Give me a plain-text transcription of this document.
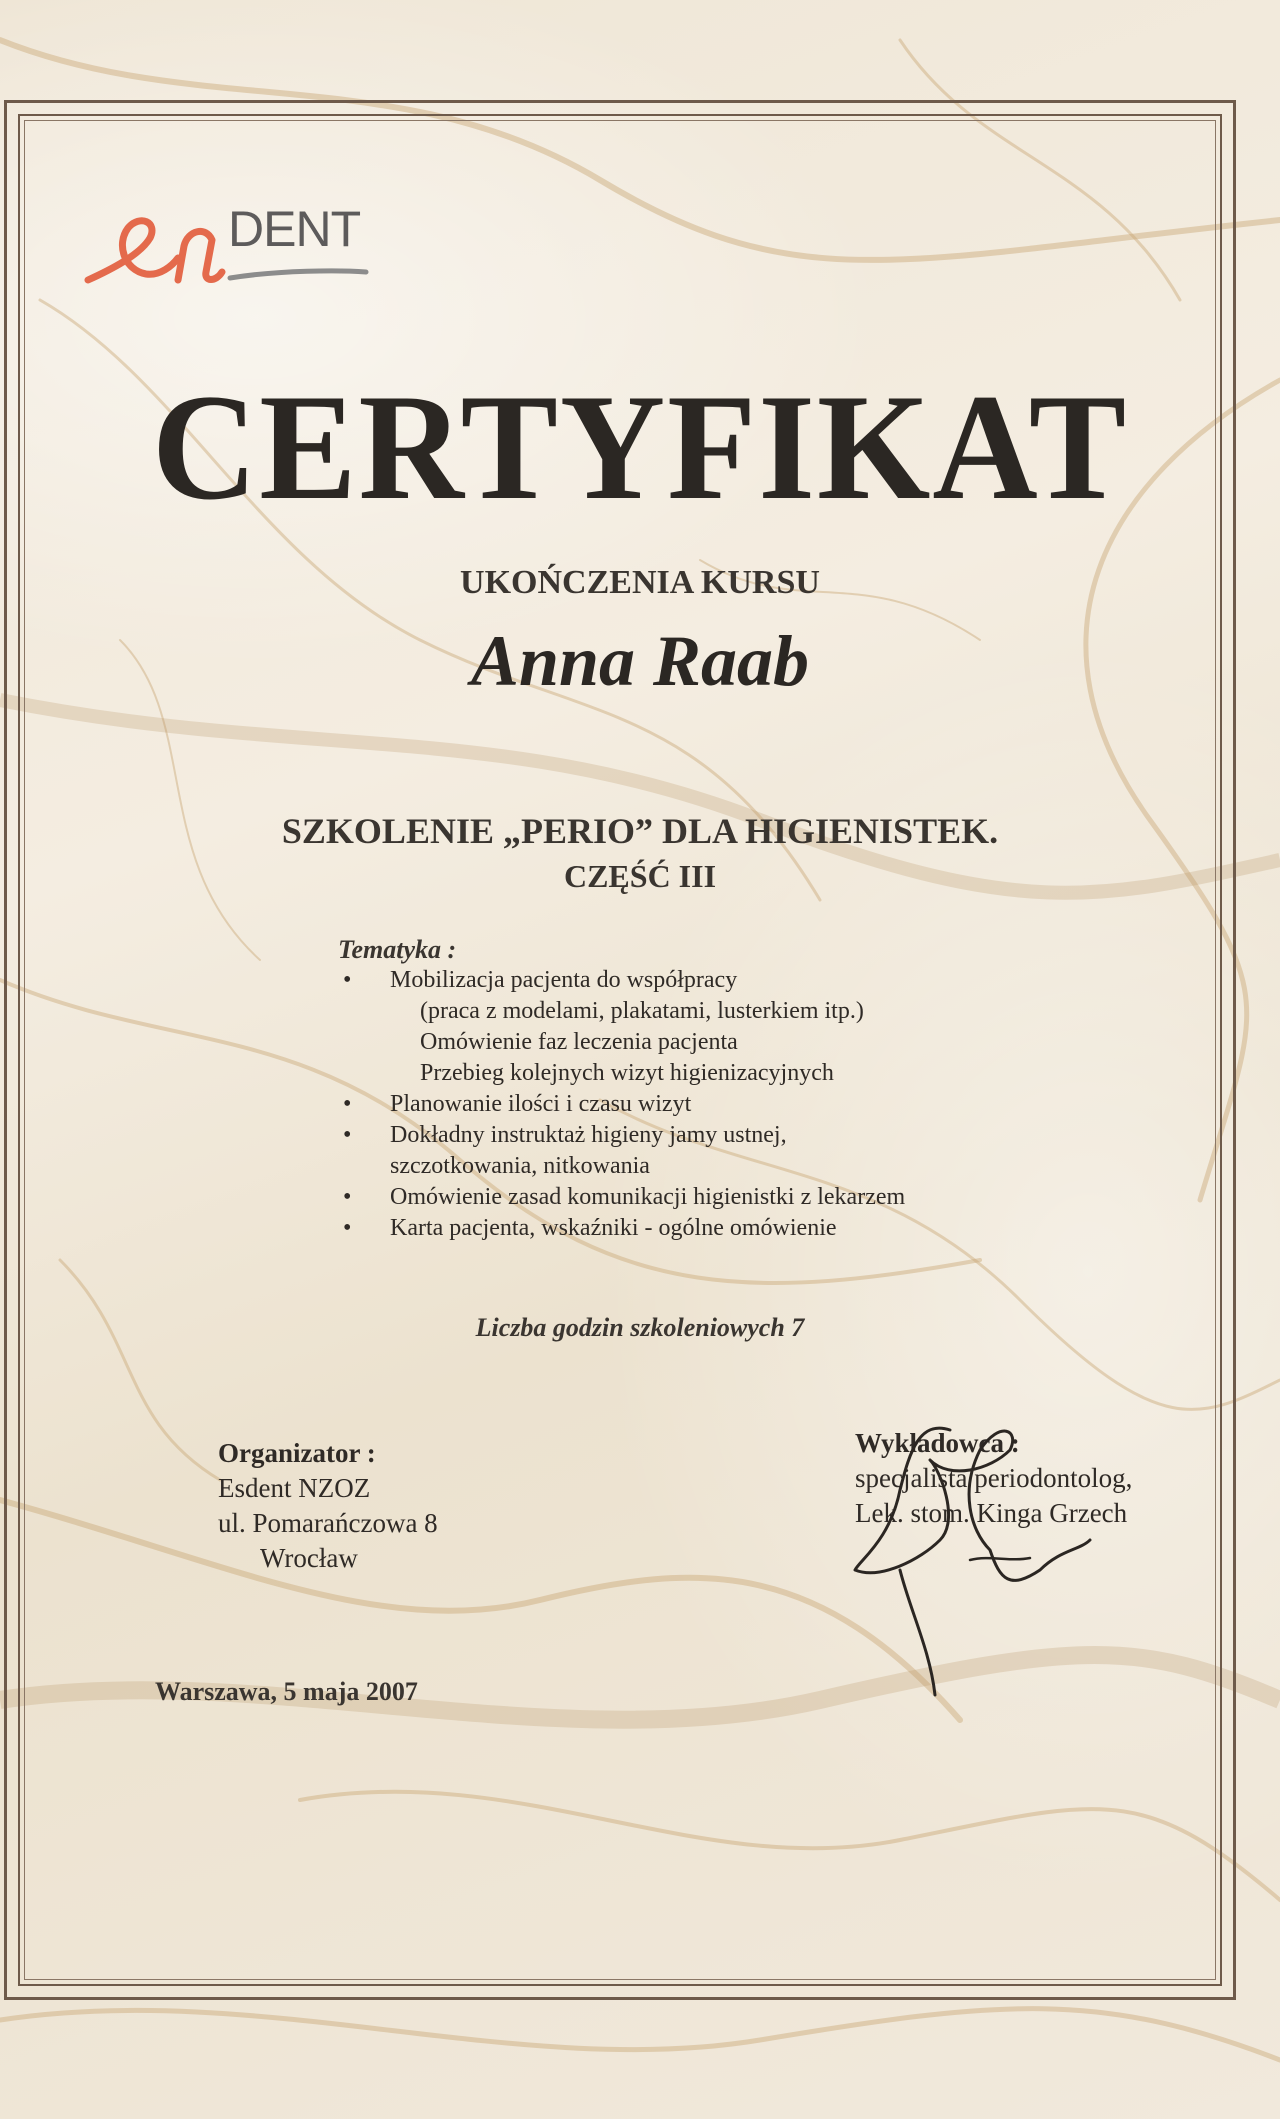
DENT
CERTYFIKAT
UKOŃCZENIA KURSU
Anna Raab
SZKOLENIE „PERIO” DLA HIGIENISTEK.
CZĘŚĆ III
Tematyka :
• Mobilizacja pacjenta do współpracy
(praca z modelami, plakatami, lusterkiem itp.)
Omówienie faz leczenia pacjenta
Przebieg kolejnych wizyt higienizacyjnych
• Planowanie ilości i czasu wizyt
• Dokładny instruktaż higieny jamy ustnej,
szczotkowania, nitkowania
• Omówienie zasad komunikacji higienistki z lekarzem
• Karta pacjenta, wskaźniki - ogólne omówienie
Liczba godzin szkoleniowych 7
Organizator :
Esdent NZOZ
ul. Pomarańczowa 8
Wrocław
Wykładowca :
specjalista periodontolog,
Lek. stom. Kinga Grzech
Warszawa, 5 maja 2007
